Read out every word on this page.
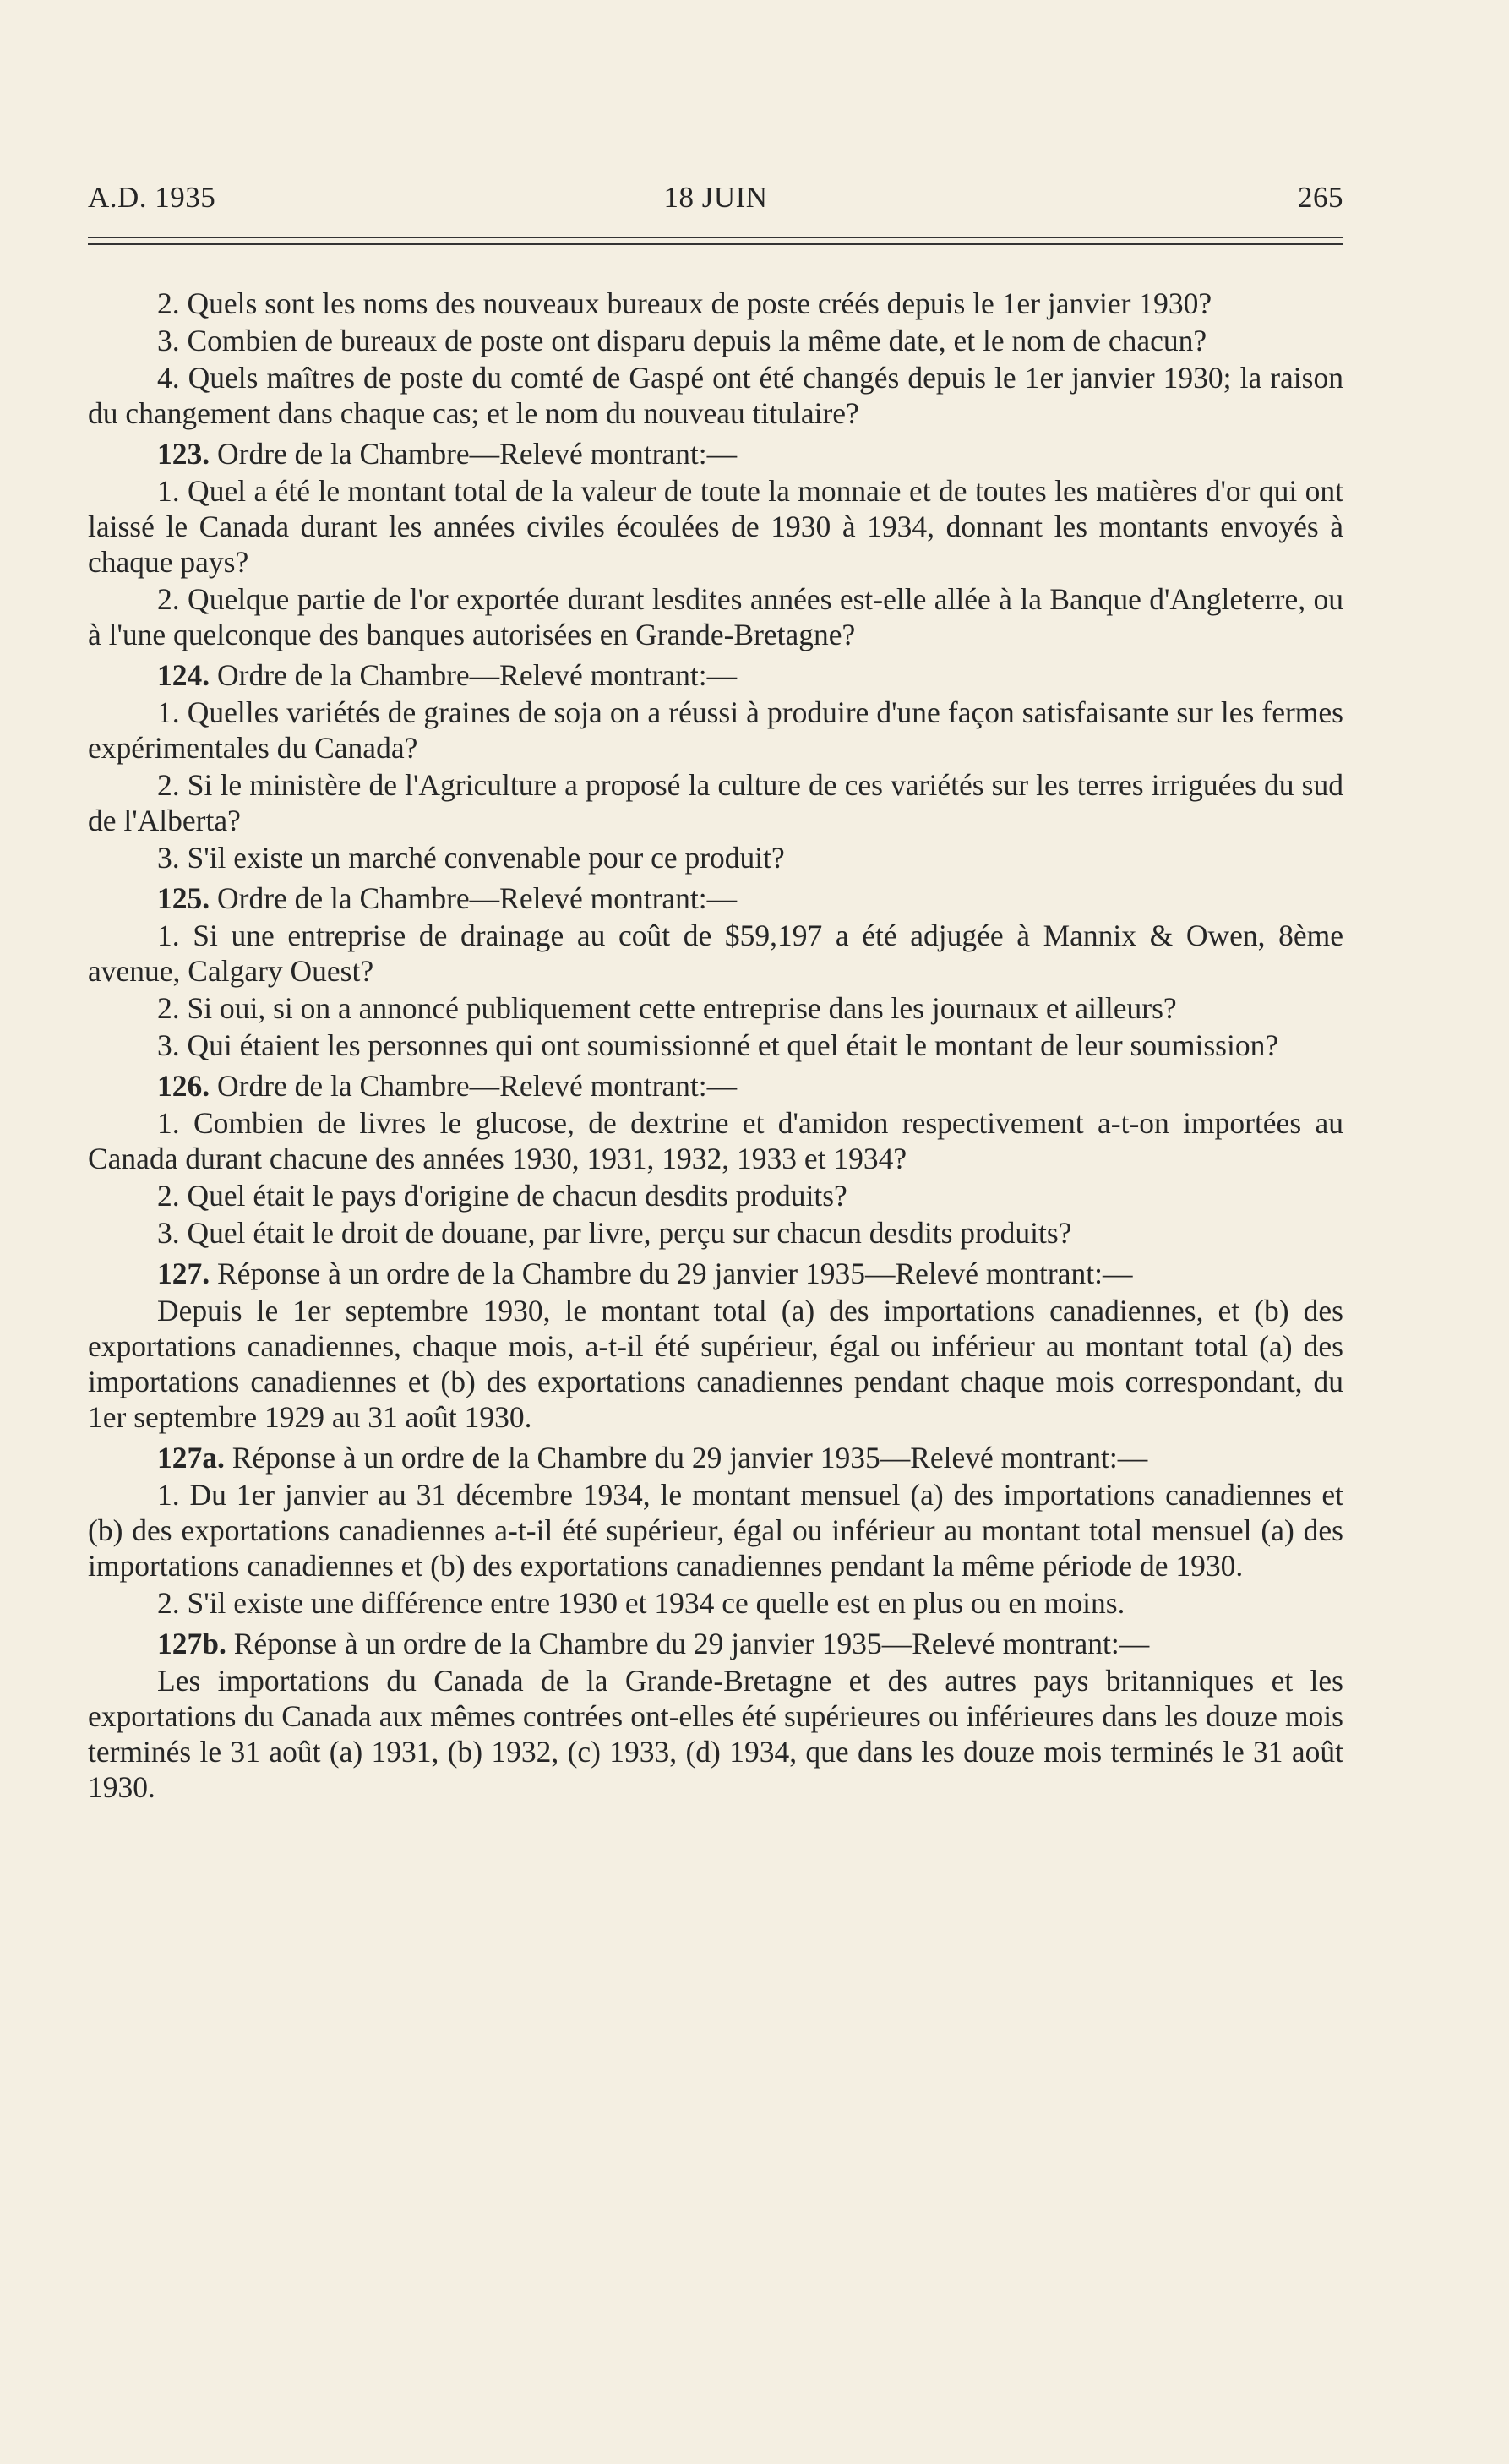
A.D. 1935	18 JUIN	265

2. Quels sont les noms des nouveaux bureaux de poste créés depuis le 1er janvier 1930?

3. Combien de bureaux de poste ont disparu depuis la même date, et le nom de chacun?

4. Quels maîtres de poste du comté de Gaspé ont été changés depuis le 1er janvier 1930; la raison du changement dans chaque cas; et le nom du nouveau titulaire?

123. Ordre de la Chambre—Relevé montrant:—

1. Quel a été le montant total de la valeur de toute la monnaie et de toutes les matières d'or qui ont laissé le Canada durant les années civiles écoulées de 1930 à 1934, donnant les montants envoyés à chaque pays?

2. Quelque partie de l'or exportée durant lesdites années est-elle allée à la Banque d'Angleterre, ou à l'une quelconque des banques autorisées en Grande-Bretagne?

124. Ordre de la Chambre—Relevé montrant:—

1. Quelles variétés de graines de soja on a réussi à produire d'une façon satisfaisante sur les fermes expérimentales du Canada?

2. Si le ministère de l'Agriculture a proposé la culture de ces variétés sur les terres irriguées du sud de l'Alberta?

3. S'il existe un marché convenable pour ce produit?

125. Ordre de la Chambre—Relevé montrant:—

1. Si une entreprise de drainage au coût de $59,197 a été adjugée à Mannix & Owen, 8ème avenue, Calgary Ouest?

2. Si oui, si on a annoncé publiquement cette entreprise dans les journaux et ailleurs?

3. Qui étaient les personnes qui ont soumissionné et quel était le montant de leur soumission?

126. Ordre de la Chambre—Relevé montrant:—

1. Combien de livres le glucose, de dextrine et d'amidon respectivement a-t-on importées au Canada durant chacune des années 1930, 1931, 1932, 1933 et 1934?

2. Quel était le pays d'origine de chacun desdits produits?

3. Quel était le droit de douane, par livre, perçu sur chacun desdits produits?

127. Réponse à un ordre de la Chambre du 29 janvier 1935—Relevé montrant:—

Depuis le 1er septembre 1930, le montant total (a) des importations canadiennes, et (b) des exportations canadiennes, chaque mois, a-t-il été supérieur, égal ou inférieur au montant total (a) des importations canadiennes et (b) des exportations canadiennes pendant chaque mois correspondant, du 1er septembre 1929 au 31 août 1930.

127a. Réponse à un ordre de la Chambre du 29 janvier 1935—Relevé montrant:—

1. Du 1er janvier au 31 décembre 1934, le montant mensuel (a) des importations canadiennes et (b) des exportations canadiennes a-t-il été supérieur, égal ou inférieur au montant total mensuel (a) des importations canadiennes et (b) des exportations canadiennes pendant la même période de 1930.

2. S'il existe une différence entre 1930 et 1934 ce quelle est en plus ou en moins.

127b. Réponse à un ordre de la Chambre du 29 janvier 1935—Relevé montrant:—

Les importations du Canada de la Grande-Bretagne et des autres pays britanniques et les exportations du Canada aux mêmes contrées ont-elles été supérieures ou inférieures dans les douze mois terminés le 31 août (a) 1931, (b) 1932, (c) 1933, (d) 1934, que dans les douze mois terminés le 31 août 1930.
